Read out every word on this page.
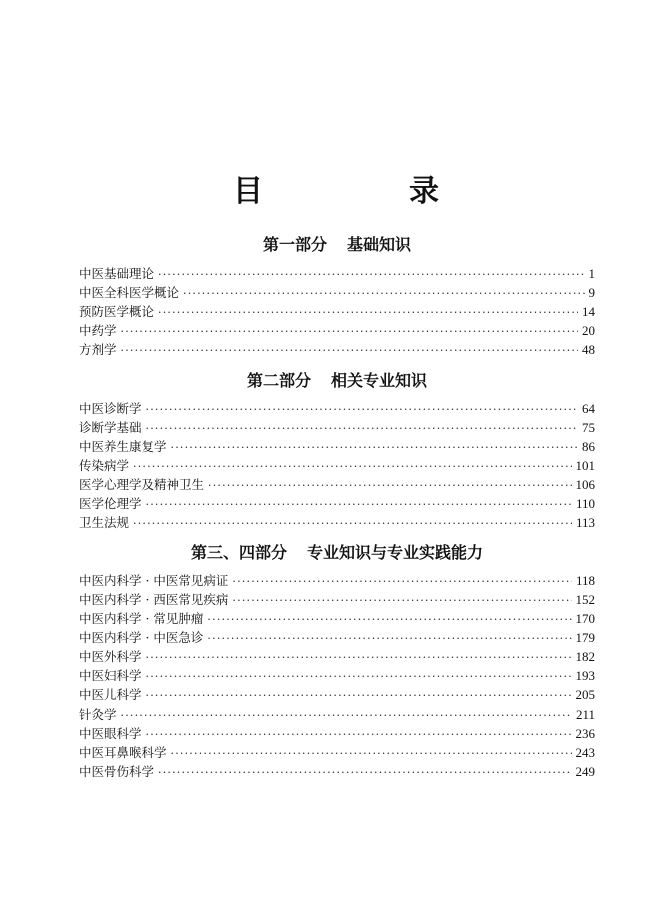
目　录
第一部分 基础知识
中医基础理论 ·····	1
中医全科医学概论 ·····	9
预防医学概论 ·····	14
中药学 ·····	20
方剂学 ·····	48
第二部分 相关专业知识
中医诊断学 ·····	64
诊断学基础 ·····	75
中医养生康复学 ·····	86
传染病学 ·····	101
医学心理学及精神卫生 ·····	106
医学伦理学 ·····	110
卫生法规 ·····	113
第三、四部分 专业知识与专业实践能力
中医内科学 · 中医常见病证 ·····	118
中医内科学 · 西医常见疾病 ·····	152
中医内科学 · 常见肿瘤 ·····	170
中医内科学 · 中医急诊 ·····	179
中医外科学 ·····	182
中医妇科学 ·····	193
中医儿科学 ·····	205
针灸学 ·····	211
中医眼科学 ·····	236
中医耳鼻喉科学 ·····	243
中医骨伤科学 ·····	249
